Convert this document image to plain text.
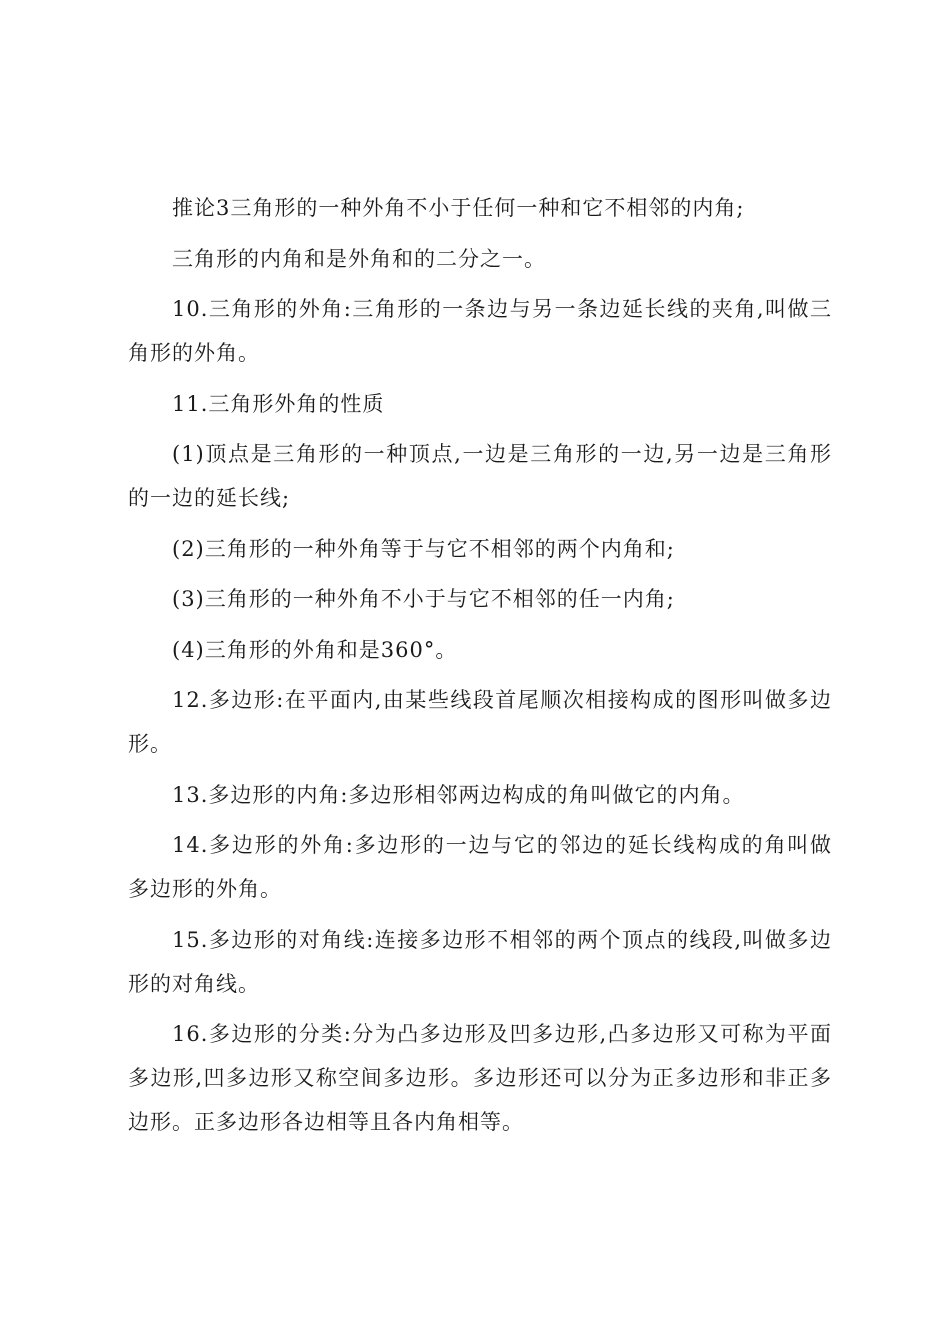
推论3三角形的一种外角不小于任何一种和它不相邻的内角;

三角形的内角和是外角和的二分之一。

10.三角形的外角:三角形的一条边与另一条边延长线的夹角,叫做三角形的外角。

11.三角形外角的性质

(1)顶点是三角形的一种顶点,一边是三角形的一边,另一边是三角形的一边的延长线;

(2)三角形的一种外角等于与它不相邻的两个内角和;

(3)三角形的一种外角不小于与它不相邻的任一内角;

(4)三角形的外角和是360°。

12.多边形:在平面内,由某些线段首尾顺次相接构成的图形叫做多边形。

13.多边形的内角:多边形相邻两边构成的角叫做它的内角。

14.多边形的外角:多边形的一边与它的邻边的延长线构成的角叫做多边形的外角。

15.多边形的对角线:连接多边形不相邻的两个顶点的线段,叫做多边形的对角线。

16.多边形的分类:分为凸多边形及凹多边形,凸多边形又可称为平面多边形,凹多边形又称空间多边形。多边形还可以分为正多边形和非正多边形。正多边形各边相等且各内角相等。
